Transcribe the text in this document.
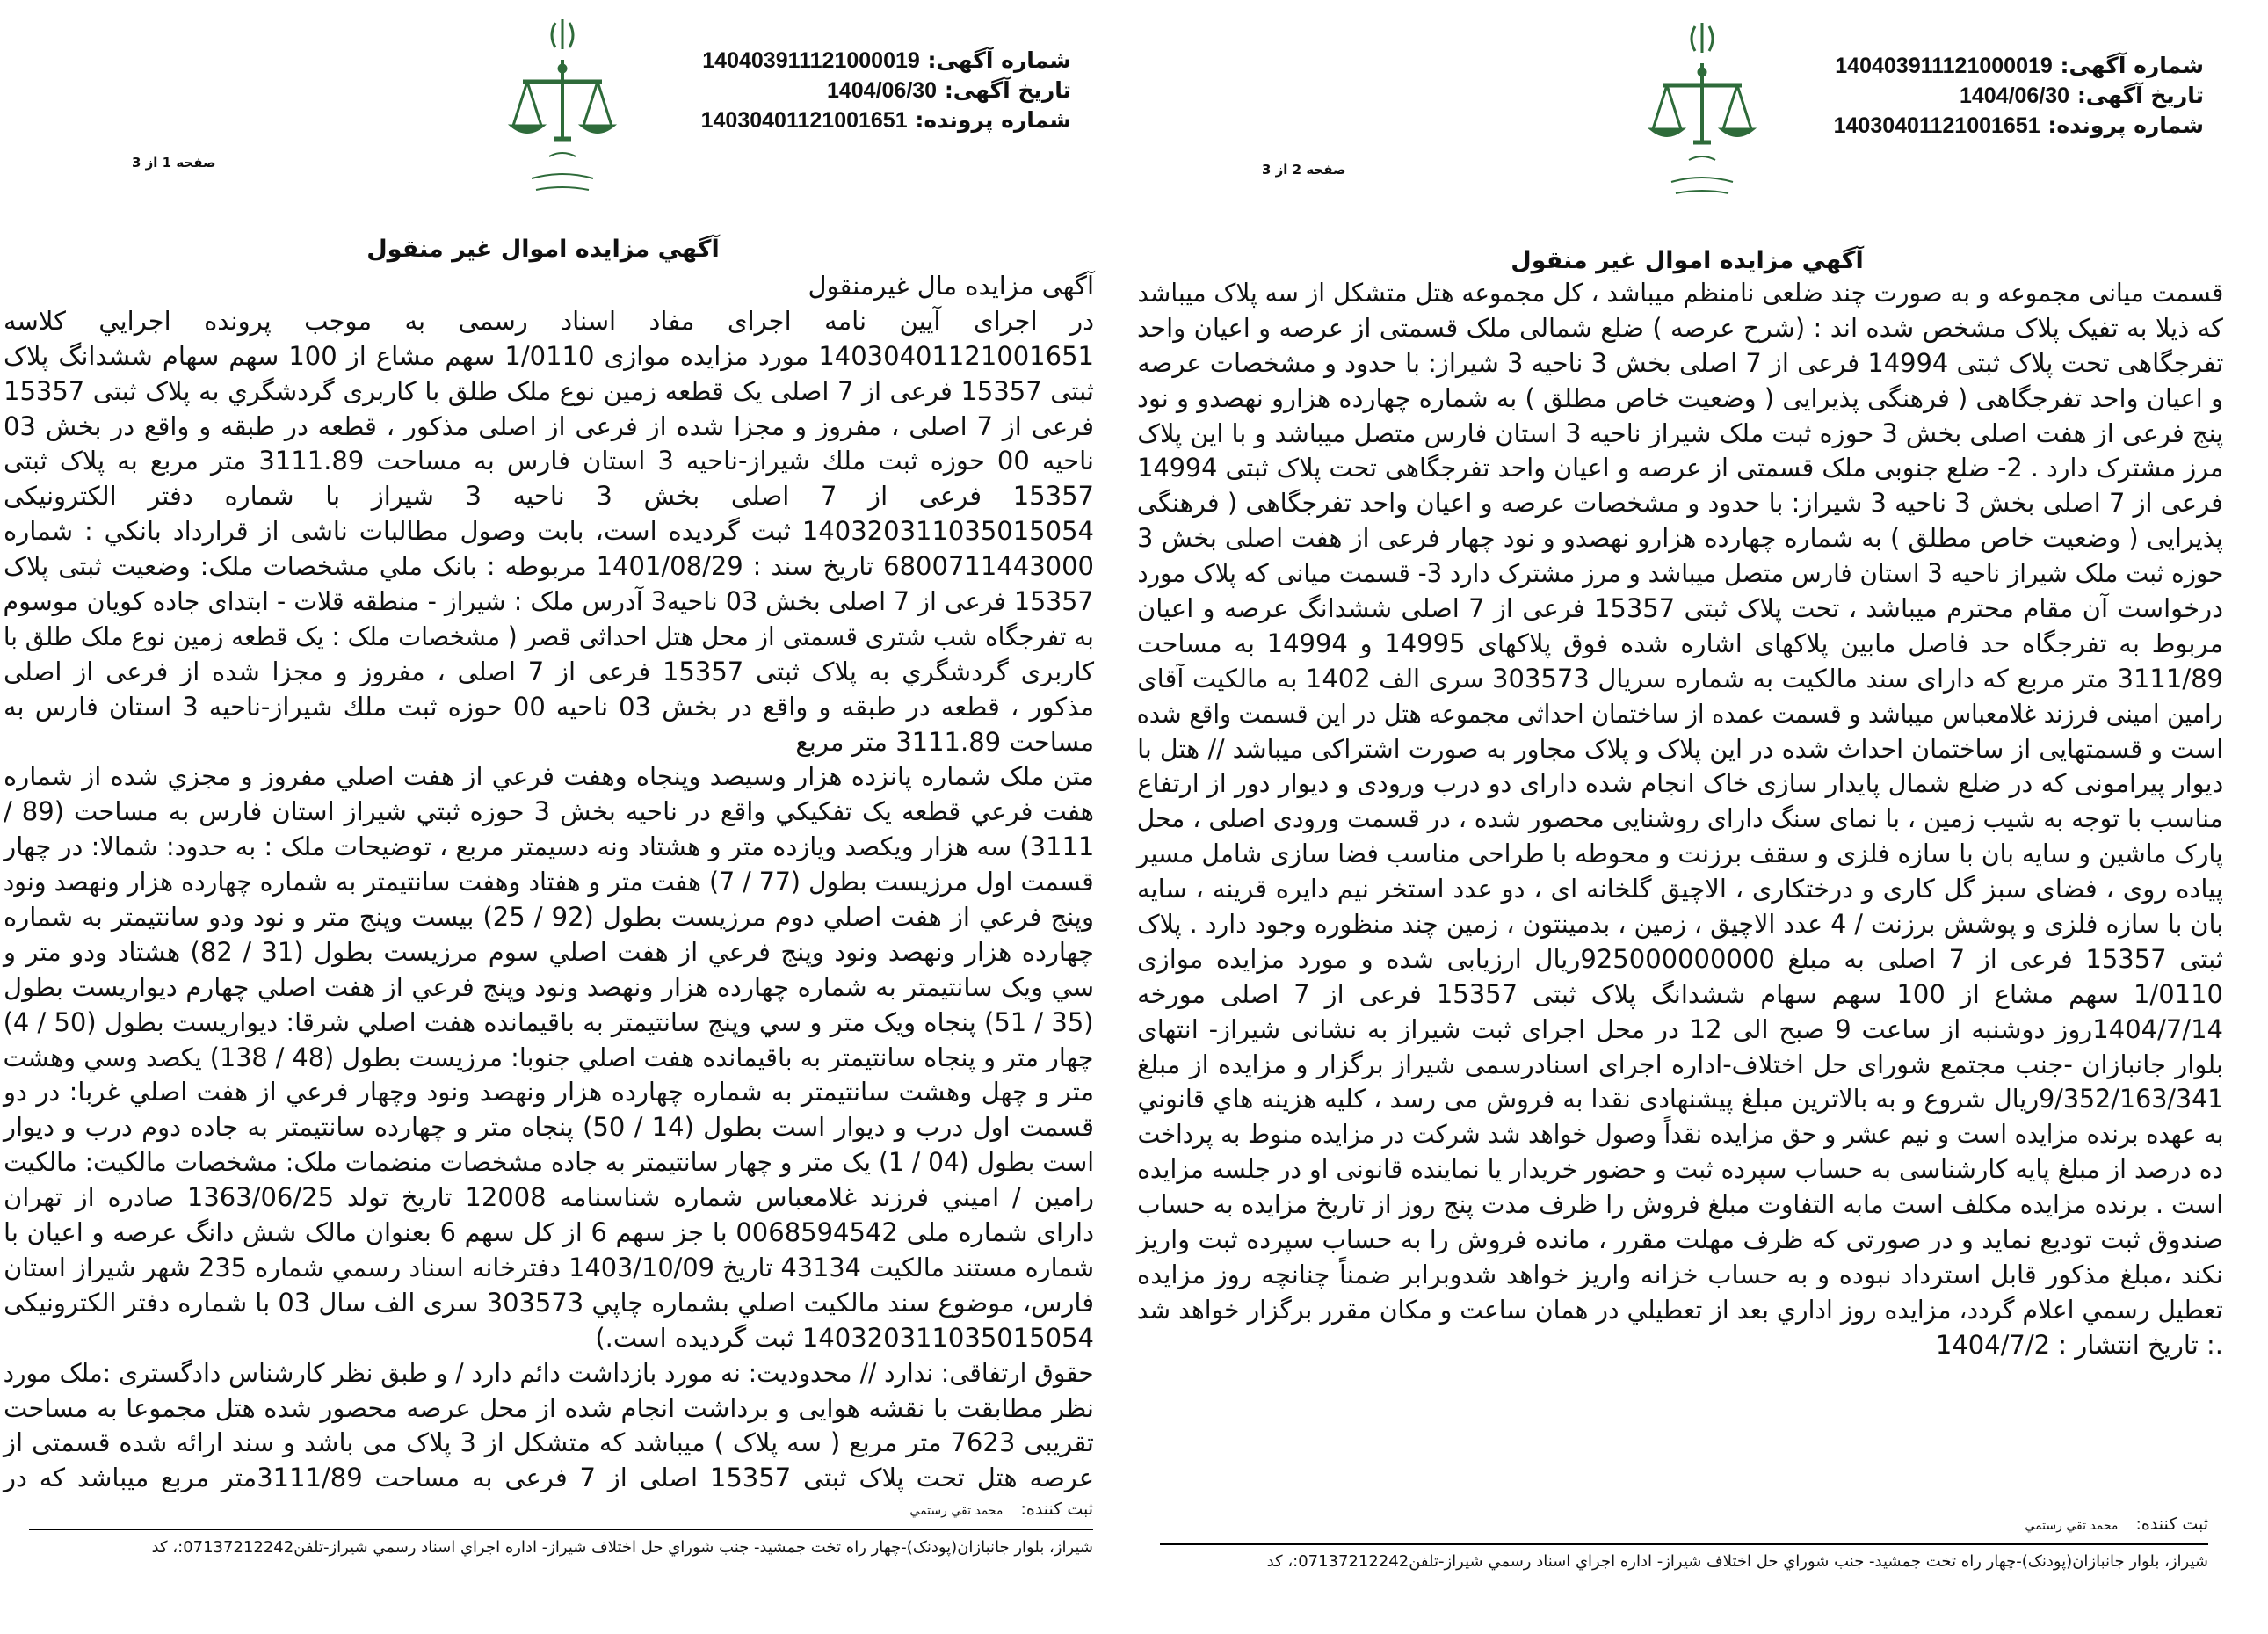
شماره آگهی: 140403911121000019
تاریخ آگهی: 1404/06/30
شماره پرونده: 14030401121001651
صفحه 1 از 3
آگهي مزایده اموال غیر منقول
آگهی مزایده مال غیرمنقول
در اجرای آیین نامه اجرای مفاد اسناد رسمی به موجب پرونده اجرايي کلاسه
14030401121001651 مورد مزایده موازی 1/0110 سهم مشاع از 100 سهم سهام ششدانگ پلاک
ثبتی 15357 فرعی از 7 اصلی یک قطعه زمین نوع ملک طلق با کاربری گردشگري به پلاک ثبتی 15357
فرعی از 7 اصلی ، مفروز و مجزا شده از فرعی از اصلی مذکور ، قطعه در طبقه و واقع در بخش 03
ناحیه 00 حوزه ثبت ملك شیراز-ناحیه 3 استان فارس به مساحت 3111.89 متر مربع به پلاک ثبتی
15357 فرعی از 7 اصلی بخش 3 ناحیه 3 شیراز با شماره دفتر الکترونیکی
140320311035015054 ثبت گردیده است، بابت وصول مطالبات ناشی از قرارداد بانکي : شماره
6800711443000 تاریخ سند : 1401/08/29 مربوطه : بانک ملي مشخصات ملک: وضعیت ثبتی پلاک
15357 فرعی از 7 اصلی بخش 03 ناحیه3 آدرس ملک : شیراز - منطقه قلات - ابتدای جاده کویان موسوم
به تفرجگاه شب شتری قسمتی از محل هتل احداثی قصر ( مشخصات ملک : یک قطعه زمین نوع ملک طلق با
کاربری گردشگري به پلاک ثبتی 15357 فرعی از 7 اصلی ، مفروز و مجزا شده از فرعی از اصلی
مذکور ، قطعه در طبقه و واقع در بخش 03 ناحیه 00 حوزه ثبت ملك شیراز-ناحیه 3 استان فارس به
مساحت 3111.89 متر مربع
متن ملک شماره پانزده هزار وسیصد وپنجاه وهفت فرعي از هفت اصلي مفروز و مجزي شده از شماره
هفت فرعي قطعه یک تفکیکي واقع در ناحیه بخش 3 حوزه ثبتي شیراز استان فارس به مساحت (89 /
3111) سه هزار ویکصد ویازده متر و هشتاد ونه دسیمتر مربع ، توضیحات ملک : به حدود: شمالا: در چهار
قسمت اول مرزیست بطول (77 / 7) هفت متر و هفتاد وهفت سانتیمتر به شماره چهارده هزار ونهصد ونود
وپنج فرعي از هفت اصلي دوم مرزیست بطول (92 / 25) بیست وپنج متر و نود ودو سانتیمتر به شماره
چهارده هزار ونهصد ونود وپنج فرعي از هفت اصلي سوم مرزیست بطول (31 / 82) هشتاد ودو متر و
سي ویک سانتیمتر به شماره چهارده هزار ونهصد ونود وپنج فرعي از هفت اصلي چهارم دیواریست بطول
(35 / 51) پنجاه ویک متر و سي وپنج سانتیمتر به باقیمانده هفت اصلي شرقا: دیواریست بطول (50 / 4)
چهار متر و پنجاه سانتیمتر به باقیمانده هفت اصلي جنوبا: مرزیست بطول (48 / 138) یکصد وسي وهشت
متر و چهل وهشت سانتیمتر به شماره چهارده هزار ونهصد ونود وچهار فرعي از هفت اصلي غربا: در دو
قسمت اول درب و دیوار است بطول (14 / 50) پنجاه متر و چهارده سانتیمتر به جاده دوم درب و دیوار
است بطول (04 / 1) یک متر و چهار سانتیمتر به جاده مشخصات منضمات ملک: مشخصات مالکیت: مالکیت
رامین / اميني فرزند غلامعباس شماره شناسنامه 12008 تاریخ تولد 1363/06/25 صادره از تهران
دارای شماره ملی 0068594542 با جز سهم 6 از کل سهم 6 بعنوان مالک شش دانگ عرصه و اعیان با
شماره مستند مالکیت 43134 تاریخ 1403/10/09 دفترخانه اسناد رسمي شماره 235 شهر شیراز استان
فارس، موضوع سند مالکیت اصلي بشماره چاپي 303573 سری الف سال 03 با شماره دفتر الکترونیکی
140320311035015054 ثبت گردیده است.)
حقوق ارتفاقی: ندارد // محدودیت: نه مورد بازداشت دائم دارد / و طبق نظر کارشناس دادگستری :ملک مورد
نظر مطابقت با نقشه هوایی و برداشت انجام شده از محل عرصه محصور شده هتل مجموعا به مساحت
تقریبی 7623 متر مربع ( سه پلاک ) میباشد که متشکل از 3 پلاک می باشد و سند ارائه شده قسمتی از
عرصه هتل تحت پلاک ثبتی 15357 اصلی از 7 فرعی به مساحت 3111/89متر مربع میباشد که در
ثبت کننده:محمد تقي رستمي
شیراز، بلوار جانبازان(پودنک)-چهار راه تخت جمشید- جنب شوراي حل اختلاف شیراز- اداره اجراي اسناد رسمي شیراز-تلفن07137212242:، کد
شماره آگهی: 140403911121000019
تاریخ آگهی: 1404/06/30
شماره پرونده: 14030401121001651
صفحه 2 از 3
آگهي مزایده اموال غیر منقول
قسمت میانی مجموعه و به صورت چند ضلعی نامنظم میباشد ، کل مجموعه هتل متشکل از سه پلاک میباشد
که ذیلا به تفیک پلاک مشخص شده اند : (شرح عرصه ) ضلع شمالی ملک قسمتی از عرصه و اعیان واحد
تفرجگاهی تحت پلاک ثبتی 14994 فرعی از 7 اصلی بخش 3 ناحیه 3 شیراز: با حدود و مشخصات عرصه
و اعیان واحد تفرجگاهی ( فرهنگی پذیرایی ( وضعیت خاص مطلق ) به شماره چهارده هزارو نهصدو و نود
پنج فرعی از هفت اصلی بخش 3 حوزه ثبت ملک شیراز ناحیه 3 استان فارس متصل میباشد و با این پلاک
مرز مشترک دارد . 2- ضلع جنوبی ملک قسمتی از عرصه و اعیان واحد تفرجگاهی تحت پلاک ثبتی 14994
فرعی از 7 اصلی بخش 3 ناحیه 3 شیراز: با حدود و مشخصات عرصه و اعیان واحد تفرجگاهی ( فرهنگی
پذیرایی ( وضعیت خاص مطلق ) به شماره چهارده هزارو نهصدو و نود چهار فرعی از هفت اصلی بخش 3
حوزه ثبت ملک شیراز ناحیه 3 استان فارس متصل میباشد و مرز مشترک دارد 3- قسمت میانی که پلاک مورد
درخواست آن مقام محترم میباشد ، تحت پلاک ثبتی 15357 فرعی از 7 اصلی ششدانگ عرصه و اعیان
مربوط به تفرجگاه حد فاصل مابین پلاکهای اشاره شده فوق پلاکهای 14995 و 14994 به مساحت
3111/89 متر مربع که دارای سند مالکیت به شماره سریال 303573 سری الف 1402 به مالکیت آقای
رامین امینی فرزند غلامعباس میباشد و قسمت عمده از ساختمان احداثی مجموعه هتل در این قسمت واقع شده
است و قسمتهایی از ساختمان احداث شده در این پلاک و پلاک مجاور به صورت اشتراکی میباشد // هتل با
دیوار پیرامونی که در ضلع شمال پایدار سازی خاک انجام شده دارای دو درب ورودی و دیوار دور از ارتفاع
مناسب با توجه به شیب زمین ، با نمای سنگ دارای روشنایی محصور شده ، در قسمت ورودی اصلی ، محل
پارک ماشین و سایه بان با سازه فلزی و سقف برزنت و محوطه با طراحی مناسب فضا سازی شامل مسیر
پیاده روی ، فضای سبز گل کاری و درختکاری ، الاچیق گلخانه ای ، دو عدد استخر نیم دایره قرینه ، سایه
بان با سازه فلزی و پوشش برزنت / 4 عدد الاچیق ، زمین ، بدمینتون ، زمین چند منظوره وجود دارد . پلاک
ثبتی 15357 فرعی از 7 اصلی به مبلغ 925000000000ریال ارزیابی شده و مورد مزایده موازی
1/0110 سهم مشاع از 100 سهم سهام ششدانگ پلاک ثبتی 15357 فرعی از 7 اصلی مورخه
1404/7/14روز دوشنبه از ساعت 9 صبح الی 12 در محل اجرای ثبت شیراز به نشانی شیراز- انتهای
بلوار جانبازان -جنب مجتمع شورای حل اختلاف-اداره اجرای اسنادرسمی شیراز برگزار و مزایده از مبلغ
9/352/163/341ریال شروع و به بالاترین مبلغ پیشنهادی نقدا به فروش می رسد ، کلیه هزینه هاي قانوني
به عهده برنده مزایده است و نیم عشر و حق مزایده نقداً وصول خواهد شد شرکت در مزایده منوط به پرداخت
ده درصد از مبلغ پایه کارشناسی به حساب سپرده ثبت و حضور خریدار یا نماینده قانونی او در جلسه مزایده
است . برنده مزایده مکلف است مابه التفاوت مبلغ فروش را ظرف مدت پنج روز از تاریخ مزایده به حساب
صندوق ثبت تودیع نماید و در صورتی که ظرف مهلت مقرر ، مانده فروش را به حساب سپرده ثبت واریز
نکند ،مبلغ مذکور قابل استرداد نبوده و به حساب خزانه واریز خواهد شدوبرابر ضمناً چنانچه روز مزایده
تعطیل رسمي اعلام گردد، مزایده روز اداري بعد از تعطیلي در همان ساعت و مکان مقرر برگزار خواهد شد
.: تاریخ انتشار : 1404/7/2
ثبت کننده:محمد تقي رستمي
شیراز، بلوار جانبازان(پودنک)-چهار راه تخت جمشید- جنب شوراي حل اختلاف شیراز- اداره اجراي اسناد رسمي شیراز-تلفن07137212242:، کد
